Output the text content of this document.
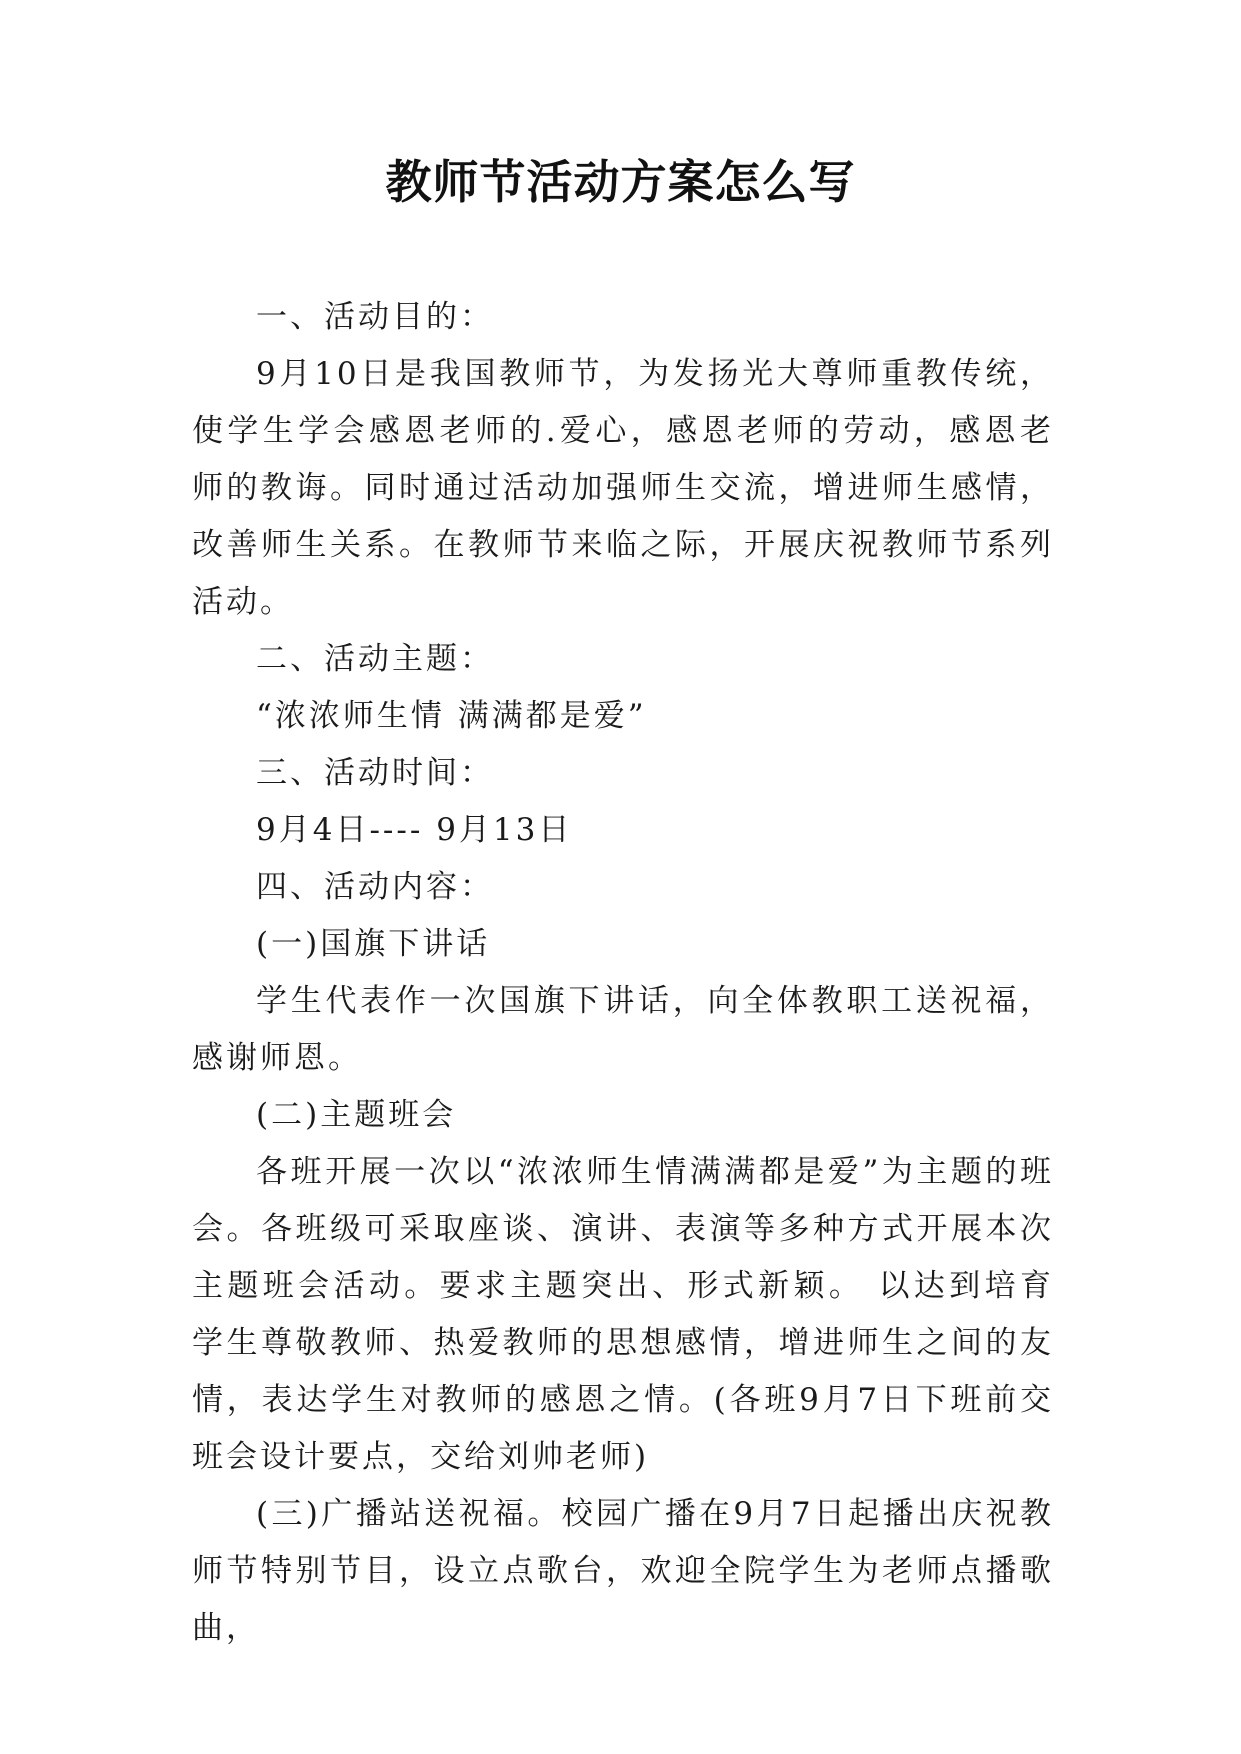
教师节活动方案怎么写

一、活动目的：

9月10日是我国教师节，为发扬光大尊师重教传统，使学生学会感恩老师的.爱心，感恩老师的劳动，感恩老师的教诲。同时通过活动加强师生交流，增进师生感情，改善师生关系。在教师节来临之际，开展庆祝教师节系列活动。

二、活动主题：

“浓浓师生情 满满都是爱”

三、活动时间：

9月4日---- 9月13日

四、活动内容：

(一)国旗下讲话

学生代表作一次国旗下讲话，向全体教职工送祝福，感谢师恩。

(二)主题班会

各班开展一次以“浓浓师生情满满都是爱”为主题的班会。各班级可采取座谈、演讲、表演等多种方式开展本次主题班会活动。要求主题突出、形式新颖。 以达到培育学生尊敬教师、热爱教师的思想感情，增进师生之间的友情，表达学生对教师的感恩之情。(各班9月7日下班前交班会设计要点，交给刘帅老师)

(三)广播站送祝福。校园广播在9月7日起播出庆祝教师节特别节目，设立点歌台，欢迎全院学生为老师点播歌曲，
